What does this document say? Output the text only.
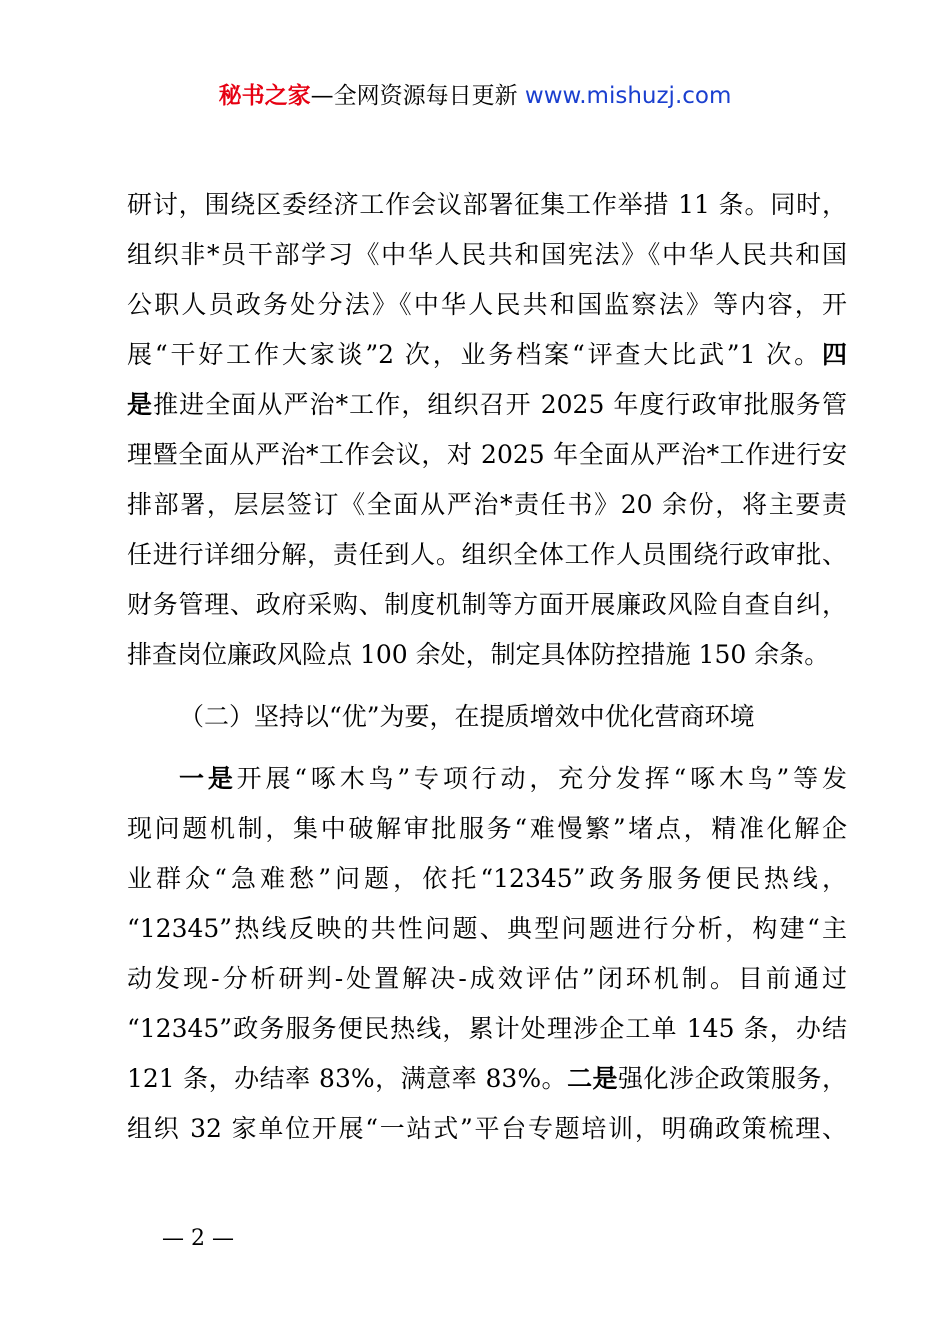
秘书之家—全网资源每日更新 www.mishuzj.com
研讨，围绕区委经济工作会议部署征集工作举措 11 条。同时，
组织非*员干部学习《中华人民共和国宪法》《中华人民共和国
公职人员政务处分法》《中华人民共和国监察法》等内容，开
展“干好工作大家谈”2 次，业务档案“评查大比武”1 次。四
是推进全面从严治*工作，组织召开 2025 年度行政审批服务管
理暨全面从严治*工作会议，对 2025 年全面从严治*工作进行安
排部署，层层签订《全面从严治*责任书》20 余份，将主要责
任进行详细分解，责任到人。组织全体工作人员围绕行政审批、
财务管理、政府采购、制度机制等方面开展廉政风险自查自纠，
排查岗位廉政风险点 100 余处，制定具体防控措施 150 余条。
（二）坚持以“优”为要，在提质增效中优化营商环境
一是开展“啄木鸟”专项行动，充分发挥“啄木鸟”等发
现问题机制，集中破解审批服务“难慢繁”堵点，精准化解企
业群众“急难愁”问题，依托“12345”政务服务便民热线，
“12345”热线反映的共性问题、典型问题进行分析，构建“主
动发现-分析研判-处置解决-成效评估”闭环机制。目前通过
“12345”政务服务便民热线，累计处理涉企工单 145 条，办结
121 条，办结率 83%，满意率 83%。二是强化涉企政策服务，
组织 32 家单位开展“一站式”平台专题培训，明确政策梳理、
— 2 —
